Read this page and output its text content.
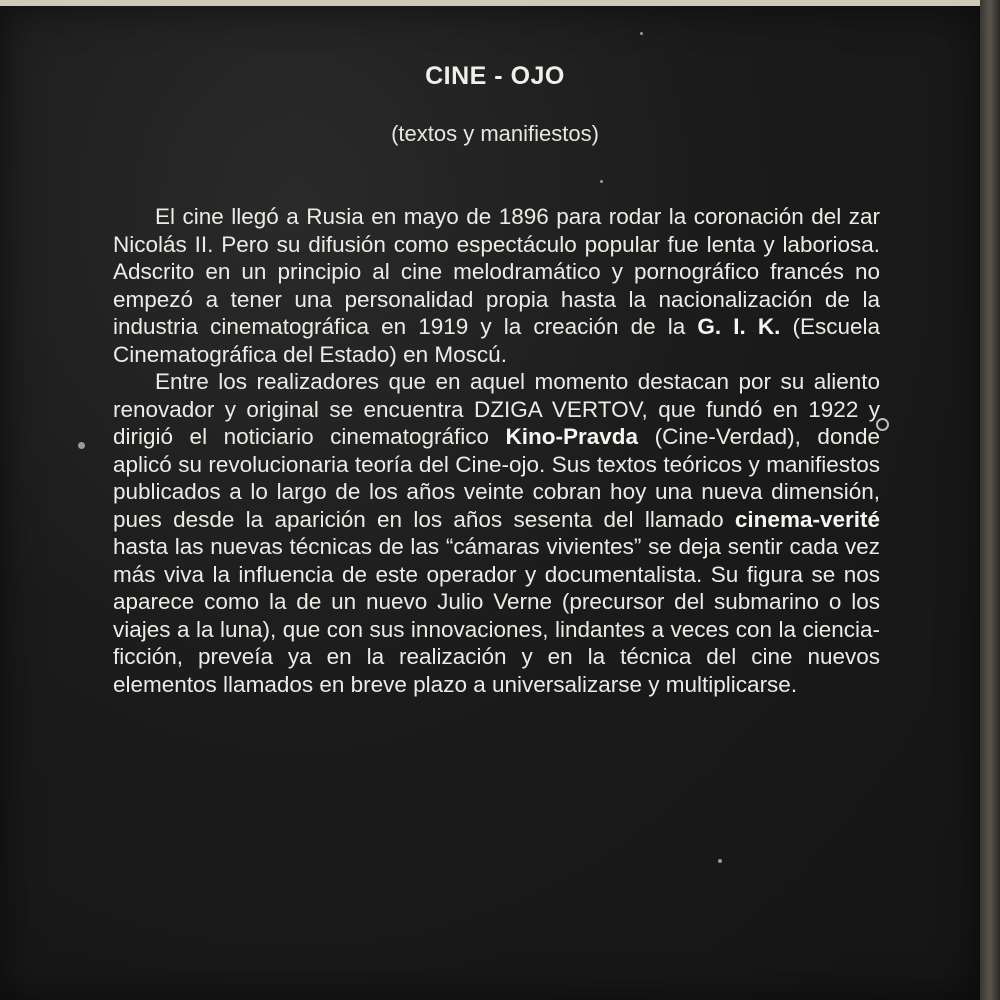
CINE - OJO
(textos y manifiestos)

El cine llegó a Rusia en mayo de 1896 para rodar la coronación del zar Nicolás II. Pero su difusión como espectáculo popular fue lenta y laboriosa. Adscrito en un principio al cine melodramático y pornográfico francés no empezó a tener una personalidad propia hasta la nacionalización de la industria cinematográfica en 1919 y la creación de la G. I. K. (Escuela Cinematográfica del Estado) en Moscú.

Entre los realizadores que en aquel momento destacan por su aliento renovador y original se encuentra DZIGA VERTOV, que fundó en 1922 y dirigió el noticiario cinematográfico Kino-Pravda (Cine-Verdad), donde aplicó su revolucionaria teoría del Cine-ojo. Sus textos teóricos y manifiestos publicados a lo largo de los años veinte cobran hoy una nueva dimensión, pues desde la aparición en los años sesenta del llamado cinema-verité hasta las nuevas técnicas de las “cámaras vivientes” se deja sentir cada vez más viva la influencia de este operador y documentalista. Su figura se nos aparece como la de un nuevo Julio Verne (precursor del submarino o los viajes a la luna), que con sus innovaciones, lindantes a veces con la ciencia-ficción, preveía ya en la realización y en la técnica del cine nuevos elementos llamados en breve plazo a universalizarse y multiplicarse.
